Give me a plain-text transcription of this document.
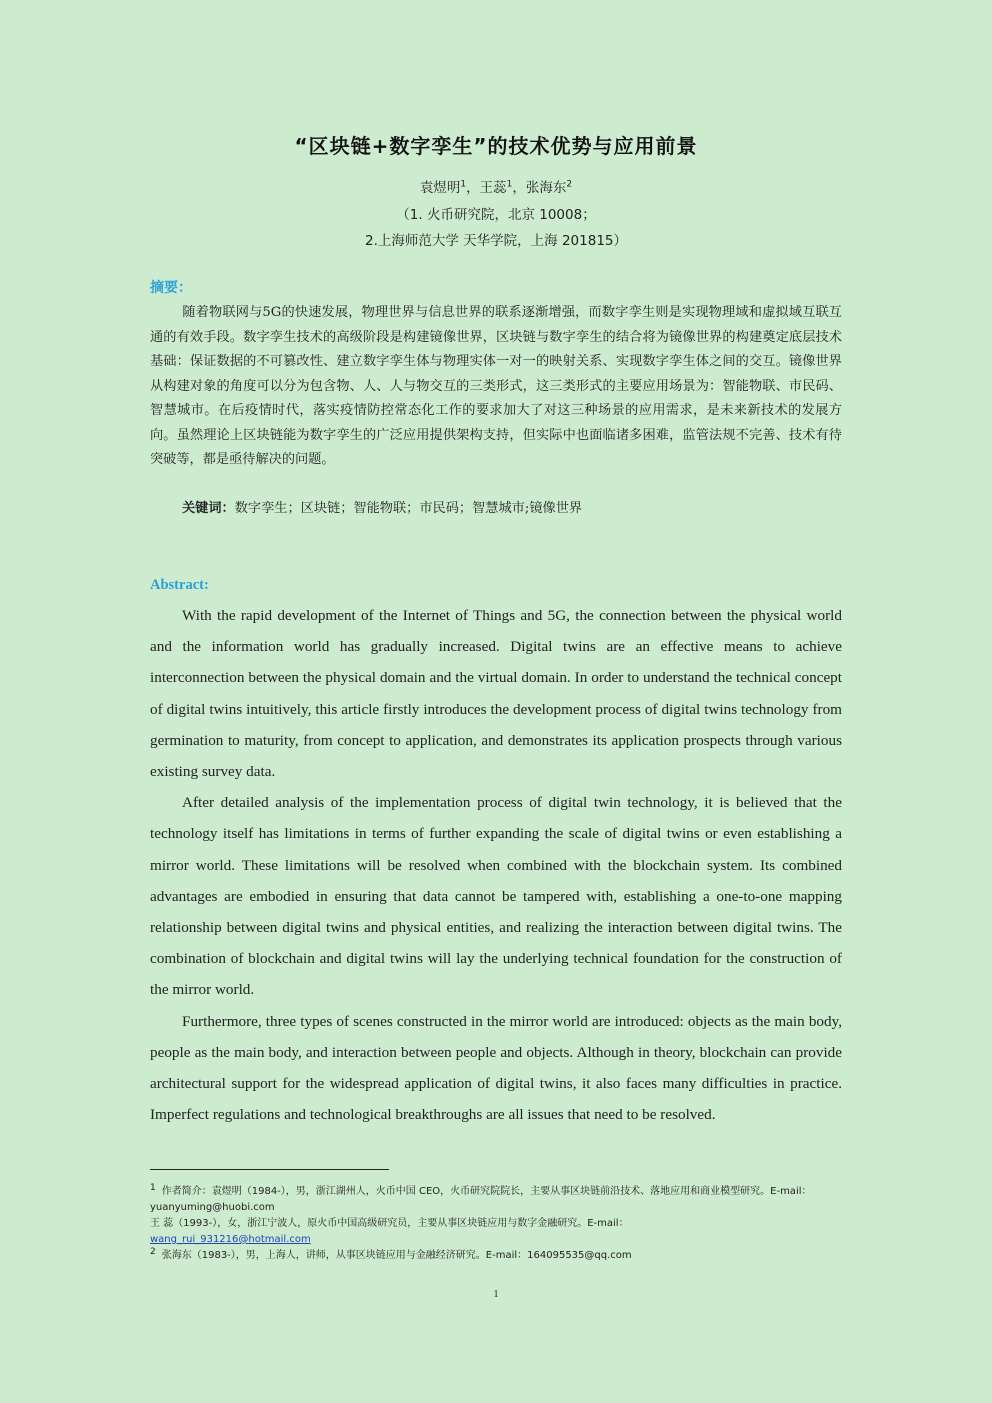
“区块链+数字孪生”的技术优势与应用前景
袁煜明$^1$，王蕊$^1$，张海东$^2$
（1. 火币研究院，北京 10008；
2.上海师范大学 天华学院，上海 201815）
摘要：

随着物联网与5G的快速发展，物理世界与信息世界的联系逐渐增强，而数字孪生则是实现物理域和虚拟域互联互通的有效手段。数字孪生技术的高级阶段是构建镜像世界，区块链与数字孪生的结合将为镜像世界的构建奠定底层技术基础：保证数据的不可篡改性、建立数字孪生体与物理实体一对一的映射关系、实现数字孪生体之间的交互。镜像世界从构建对象的角度可以分为包含物、人、人与物交互的三类形式，这三类形式的主要应用场景为：智能物联、市民码、智慧城市。在后疫情时代，落实疫情防控常态化工作的要求加大了对这三种场景的应用需求，是未来新技术的发展方向。虽然理论上区块链能为数字孪生的广泛应用提供架构支持，但实际中也面临诸多困难，监管法规不完善、技术有待突破等，都是亟待解决的问题。

关键词：数字孪生；区块链；智能物联；市民码；智慧城市;镜像世界
Abstract:

With the rapid development of the Internet of Things and 5G, the connection between the physical world and the information world has gradually increased. Digital twins are an effective means to achieve interconnection between the physical domain and the virtual domain. In order to understand the technical concept of digital twins intuitively, this article firstly introduces the development process of digital twins technology from germination to maturity, from concept to application, and demonstrates its application prospects through various existing survey data.

After detailed analysis of the implementation process of digital twin technology, it is believed that the technology itself has limitations in terms of further expanding the scale of digital twins or even establishing a mirror world. These limitations will be resolved when combined with the blockchain system. Its combined advantages are embodied in ensuring that data cannot be tampered with, establishing a one-to-one mapping relationship between digital twins and physical entities, and realizing the interaction between digital twins. The combination of blockchain and digital twins will lay the underlying technical foundation for the construction of the mirror world.

Furthermore, three types of scenes constructed in the mirror world are introduced: objects as the main body, people as the main body, and interaction between people and objects. Although in theory, blockchain can provide architectural support for the widespread application of digital twins, it also faces many difficulties in practice. Imperfect regulations and technological breakthroughs are all issues that need to be resolved.

1 作者简介：袁煜明（1984-），男，浙江湖州人，火币中国 CEO，火币研究院院长，主要从事区块链前沿技术、落地应用和商业模型研究。E-mail：yuanyuming@huobi.com

王 蕊（1993-），女，浙江宁波人，原火币中国高级研究员，主要从事区块链应用与数字金融研究。E-mail：
wang_rui_931216@hotmail.com

2 张海东（1983-），男，上海人，讲师，从事区块链应用与金融经济研究。E-mail：164095535@qq.com

1
